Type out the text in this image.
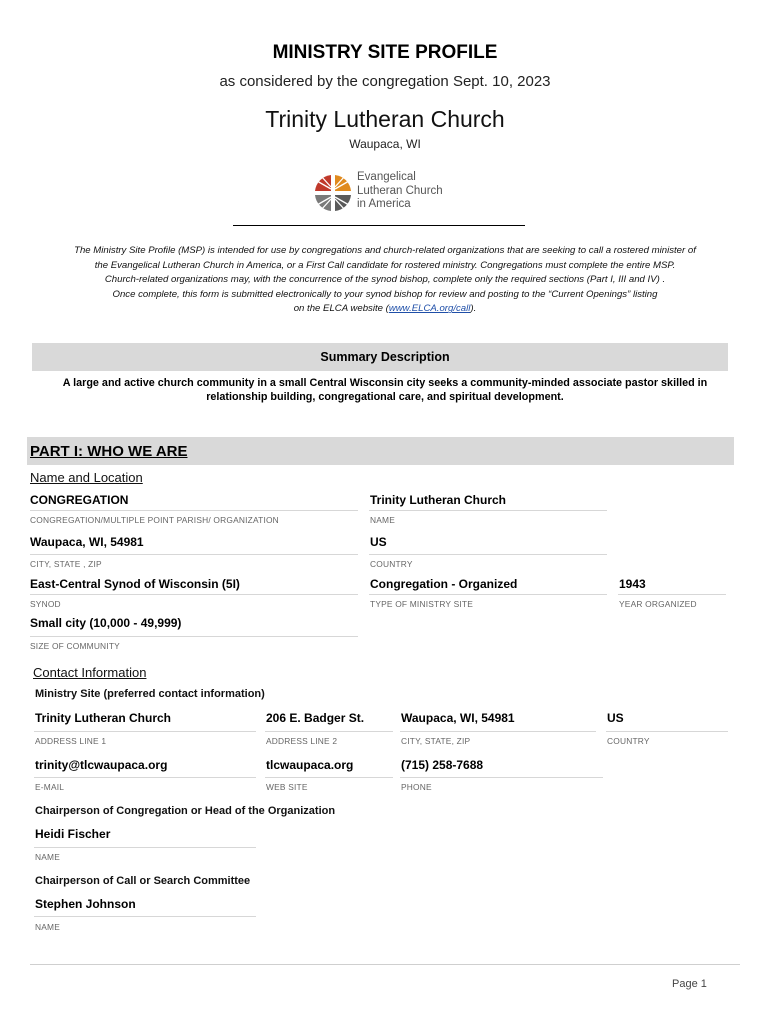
MINISTRY SITE PROFILE
as considered by the congregation Sept. 10, 2023
Trinity Lutheran Church
Waupaca, WI
Evangelical
Lutheran Church
in America
The Ministry Site Profile (MSP) is intended for use by congregations and church-related organizations that are seeking to call a rostered minister of
the Evangelical Lutheran Church in America, or a First Call candidate for rostered ministry. Congregations must complete the entire MSP.
Church-related organizations may, with the concurrence of the synod bishop, complete only the required sections (Part I, III and IV) .
Once complete, this form is submitted electronically to your synod bishop for review and posting to the “Current Openings” listing
on the ELCA website (www.ELCA.org/call).
Summary Description
A large and active church community in a small Central Wisconsin city seeks a community-minded associate pastor skilled in relationship building, congregational care, and spiritual development.
PART I: WHO WE ARE
Name and Location
CONGREGATION
CONGREGATION/MULTIPLE POINT PARISH/ ORGANIZATION
Trinity Lutheran Church
NAME
Waupaca, WI, 54981
CITY, STATE , ZIP
US
COUNTRY
East-Central Synod of Wisconsin (5I)
SYNOD
Congregation - Organized
TYPE OF MINISTRY SITE
1943
YEAR ORGANIZED
Small city (10,000 - 49,999)
SIZE OF COMMUNITY
Contact Information
Ministry Site (preferred contact information)
Trinity Lutheran Church
ADDRESS LINE 1
206 E. Badger St.
ADDRESS LINE 2
Waupaca, WI, 54981
CITY, STATE, ZIP
US
COUNTRY
trinity@tlcwaupaca.org
E-MAIL
tlcwaupaca.org
WEB SITE
(715) 258-7688
PHONE
Chairperson of Congregation or Head of the Organization
Heidi Fischer
NAME
Chairperson of Call or Search Committee
Stephen Johnson
NAME
Page 1
